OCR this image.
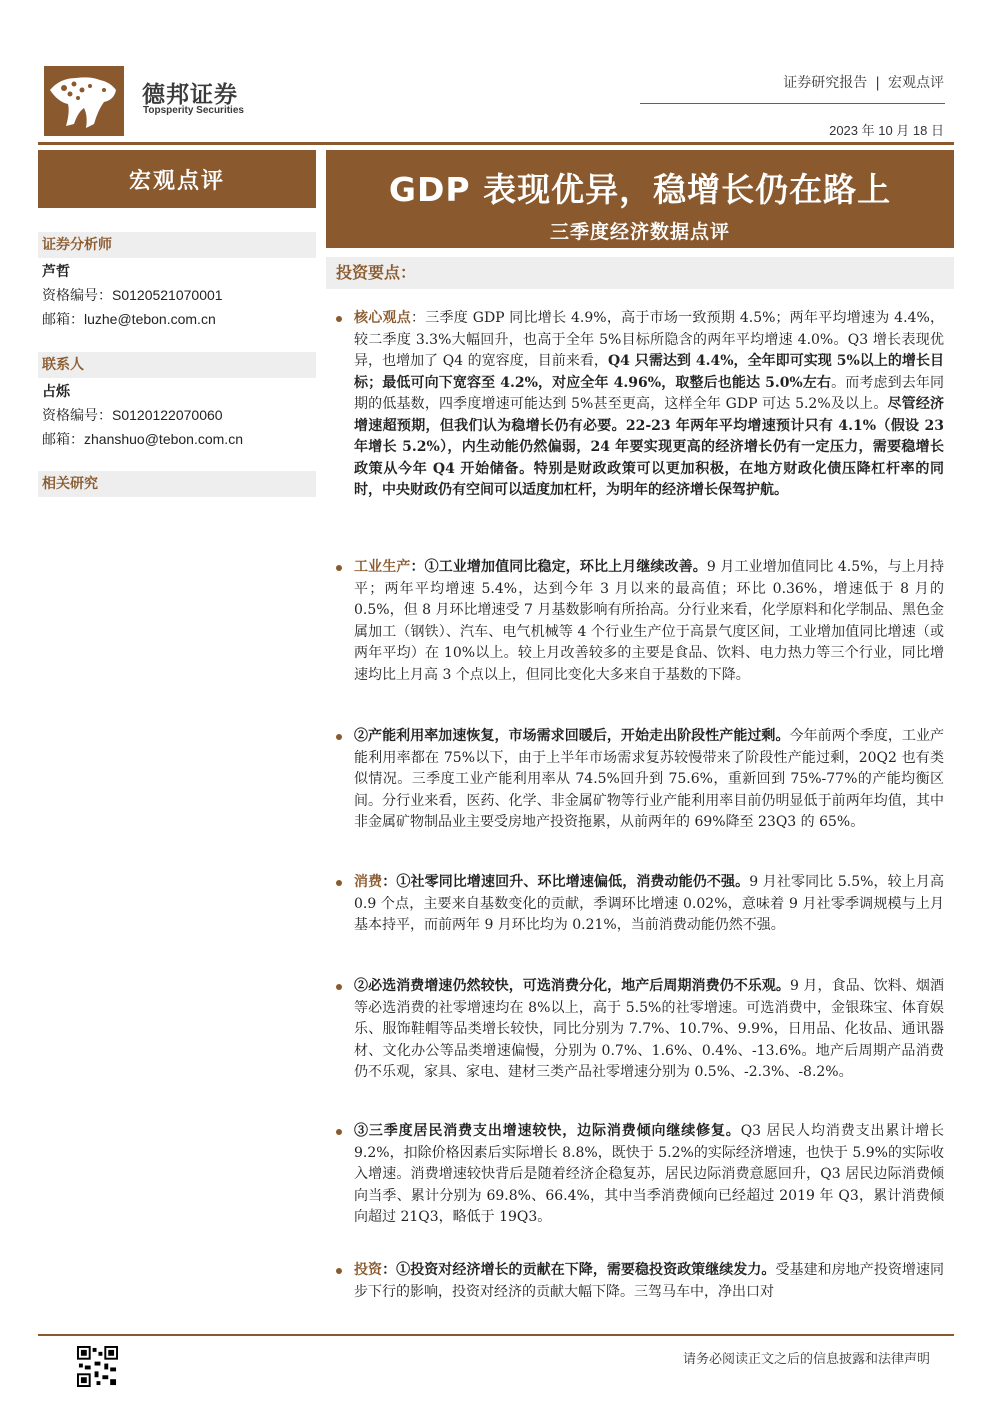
德邦证券
Topsperity Securities
证券研究报告 | 宏观点评
2023 年 10 月 18 日
宏观点评	GDP 表现优异，稳增长仍在路上
三季度经济数据点评
证券分析师
芦哲
资格编号：S0120521070001
邮箱：luzhe@tebon.com.cn
联系人
占烁
资格编号：S0120122070060
邮箱：zhanshuo@tebon.com.cn
相关研究
投资要点：
核心观点：三季度 GDP 同比增长 4.9%，高于市场一致预期 4.5%；两年平均增速为 4.4%，较二季度 3.3%大幅回升，也高于全年 5%目标所隐含的两年平均增速 4.0%。Q3 增长表现优异，也增加了 Q4 的宽容度，目前来看，Q4 只需达到 4.4%，全年即可实现 5%以上的增长目标；最低可向下宽容至 4.2%，对应全年 4.96%，取整后也能达 5.0%左右。而考虑到去年同期的低基数，四季度增速可能达到 5%甚至更高，这样全年 GDP 可达 5.2%及以上。尽管经济增速超预期，但我们认为稳增长仍有必要。22-23 年两年平均增速预计只有 4.1%（假设 23 年增长 5.2%），内生动能仍然偏弱，24 年要实现更高的经济增长仍有一定压力，需要稳增长政策从今年 Q4 开始储备。特别是财政政策可以更加积极，在地方财政化债压降杠杆率的同时，中央财政仍有空间可以适度加杠杆，为明年的经济增长保驾护航。
工业生产：①工业增加值同比稳定，环比上月继续改善。9 月工业增加值同比 4.5%，与上月持平；两年平均增速 5.4%，达到今年 3 月以来的最高值；环比 0.36%，增速低于 8 月的 0.5%，但 8 月环比增速受 7 月基数影响有所抬高。分行业来看，化学原料和化学制品、黑色金属加工（钢铁）、汽车、电气机械等 4 个行业生产位于高景气度区间，工业增加值同比增速（或两年平均）在 10%以上。较上月改善较多的主要是食品、饮料、电力热力等三个行业，同比增速均比上月高 3 个点以上，但同比变化大多来自于基数的下降。
②产能利用率加速恢复，市场需求回暖后，开始走出阶段性产能过剩。今年前两个季度，工业产能利用率都在 75%以下，由于上半年市场需求复苏较慢带来了阶段性产能过剩，20Q2 也有类似情况。三季度工业产能利用率从 74.5%回升到 75.6%，重新回到 75%-77%的产能均衡区间。分行业来看，医药、化学、非金属矿物等行业产能利用率目前仍明显低于前两年均值，其中非金属矿物制品业主要受房地产投资拖累，从前两年的 69%降至 23Q3 的 65%。
消费：①社零同比增速回升、环比增速偏低，消费动能仍不强。9 月社零同比 5.5%，较上月高 0.9 个点，主要来自基数变化的贡献，季调环比增速 0.02%，意味着 9 月社零季调规模与上月基本持平，而前两年 9 月环比均为 0.21%，当前消费动能仍然不强。
②必选消费增速仍然较快，可选消费分化，地产后周期消费仍不乐观。9 月，食品、饮料、烟酒等必选消费的社零增速均在 8%以上，高于 5.5%的社零增速。可选消费中，金银珠宝、体育娱乐、服饰鞋帽等品类增长较快，同比分别为 7.7%、10.7%、9.9%，日用品、化妆品、通讯器材、文化办公等品类增速偏慢，分别为 0.7%、1.6%、0.4%、-13.6%。地产后周期产品消费仍不乐观，家具、家电、建材三类产品社零增速分别为 0.5%、-2.3%、-8.2%。
③三季度居民消费支出增速较快，边际消费倾向继续修复。Q3 居民人均消费支出累计增长 9.2%，扣除价格因素后实际增长 8.8%，既快于 5.2%的实际经济增速，也快于 5.9%的实际收入增速。消费增速较快背后是随着经济企稳复苏，居民边际消费意愿回升，Q3 居民边际消费倾向当季、累计分别为 69.8%、66.4%，其中当季消费倾向已经超过 2019 年 Q3，累计消费倾向超过 21Q3，略低于 19Q3。
投资：①投资对经济增长的贡献在下降，需要稳投资政策继续发力。受基建和房地产投资增速同步下行的影响，投资对经济的贡献大幅下降。三驾马车中，净出口对
请务必阅读正文之后的信息披露和法律声明
